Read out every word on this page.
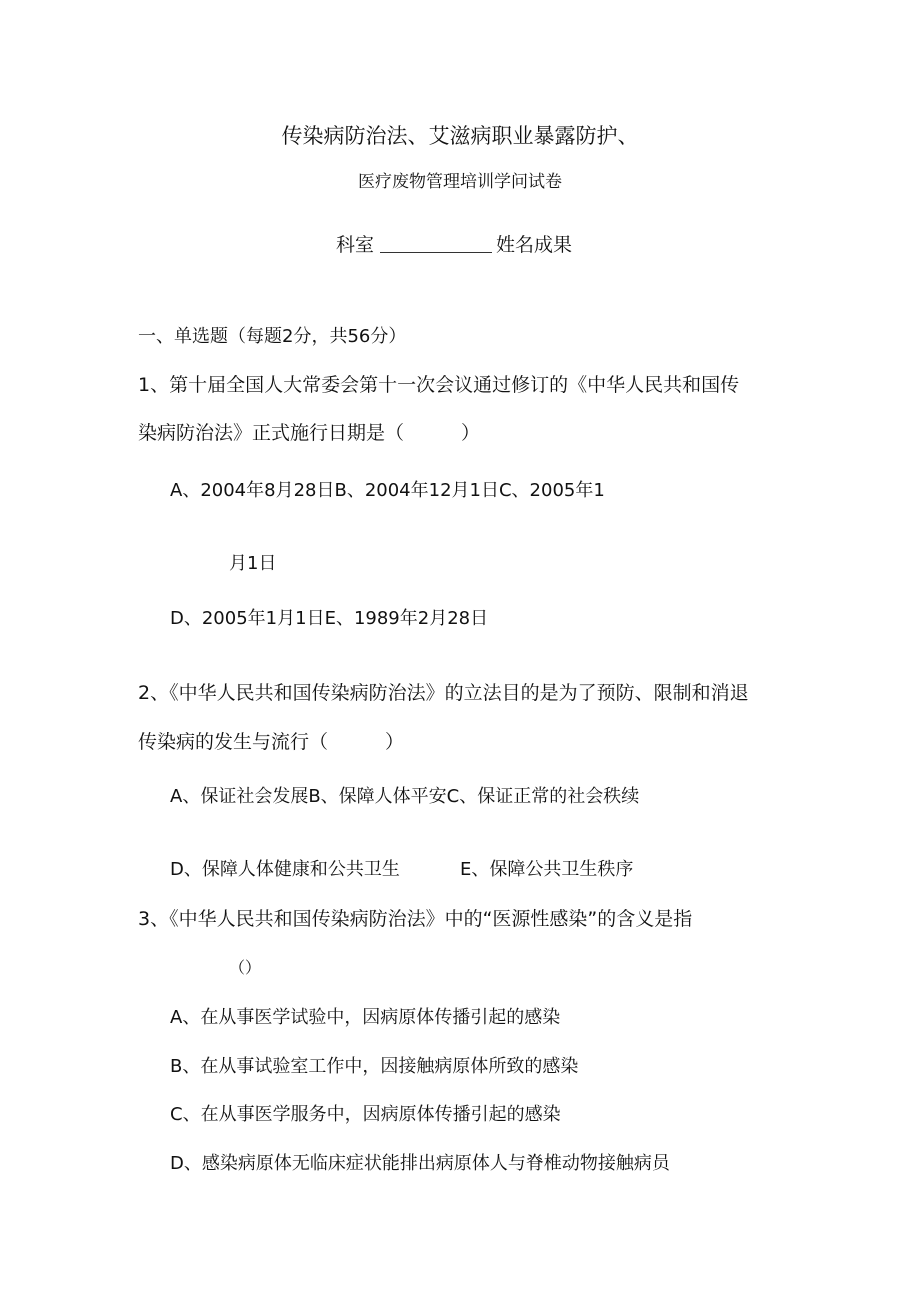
传染病防治法、艾滋病职业暴露防护、
医疗废物管理培训学问试卷
科室	姓名成果
一、单选题（每题2分，共56分）
1、第十届全国人大常委会第十一次会议通过修订的《中华人民共和国传
染病防治法》正式施行日期是（　　　）
A、2004年8月28日B、2004年12月1日C、2005年1
月1日
D、2005年1月1日E、1989年2月28日
2、《中华人民共和国传染病防治法》的立法目的是为了预防、限制和消退
传染病的发生与流行（　　　）
A、保证社会发展B、保障人体平安C、保证正常的社会秩续
D、保障人体健康和公共卫生	E、保障公共卫生秩序
3、《中华人民共和国传染病防治法》中的“医源性感染”的含义是指
（）
A、在从事医学试验中，因病原体传播引起的感染
B、在从事试验室工作中，因接触病原体所致的感染
C、在从事医学服务中，因病原体传播引起的感染
D、感染病原体无临床症状能排出病原体人与脊椎动物接触病员
